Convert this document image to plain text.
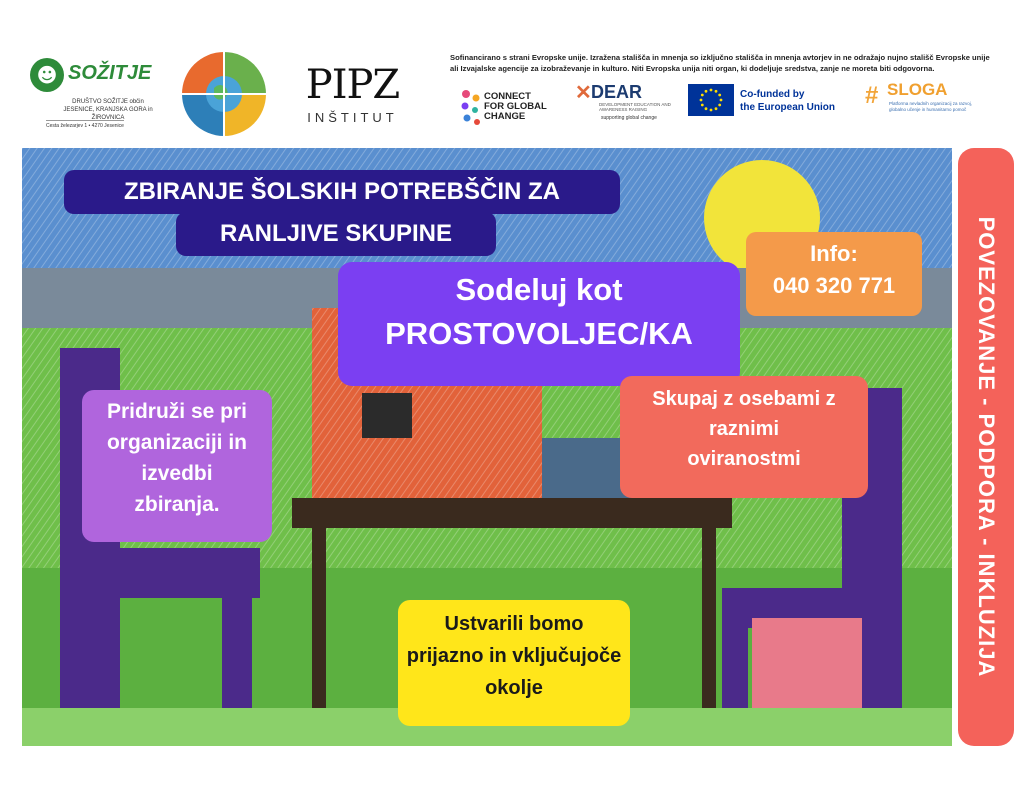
☻ SOŽITJE
DRUŠTVO SOŽITJE občin JESENICE, KRANJSKA GORA in ŽIROVNICA
Cesta železarjev 1 • 4270 Jesenice
PIPZ
INŠTITUT
Sofinancirano s strani Evropske unije. Izražena stališča in mnenja so izključno stališča in mnenja avtorjev in ne odražajo nujno stališč Evropske unije ali Izvajalske agencije za izobraževanje in kulturo. Niti Evropska unija niti organ, ki dodeljuje sredstva, zanje ne moreta biti odgovorna.
CONNECT
FOR GLOBAL
CHANGE
✕ DEAR
DEVELOPMENT EDUCATION AND AWARENESS RAISING
supporting global change
Co-funded by
the European Union # SLOGA
Platforma nevladnih organizacij za razvoj, globalno učenje in humanitarno pomoč
ZBIRANJE ŠOLSKIH POTREBŠČIN ZA
RANLJIVE SKUPINE
Sodeluj kot
PROSTOVOLJEC/KA
Info:
040 320 771
Pridruži se pri
organizaciji in
izvedbi
zbiranja.
Skupaj z osebami z
raznimi
oviranostmi
Ustvarili bomo
prijazno in vključujoče
okolje
POVEZOVANJE - PODPORA - INKLUZIJA
